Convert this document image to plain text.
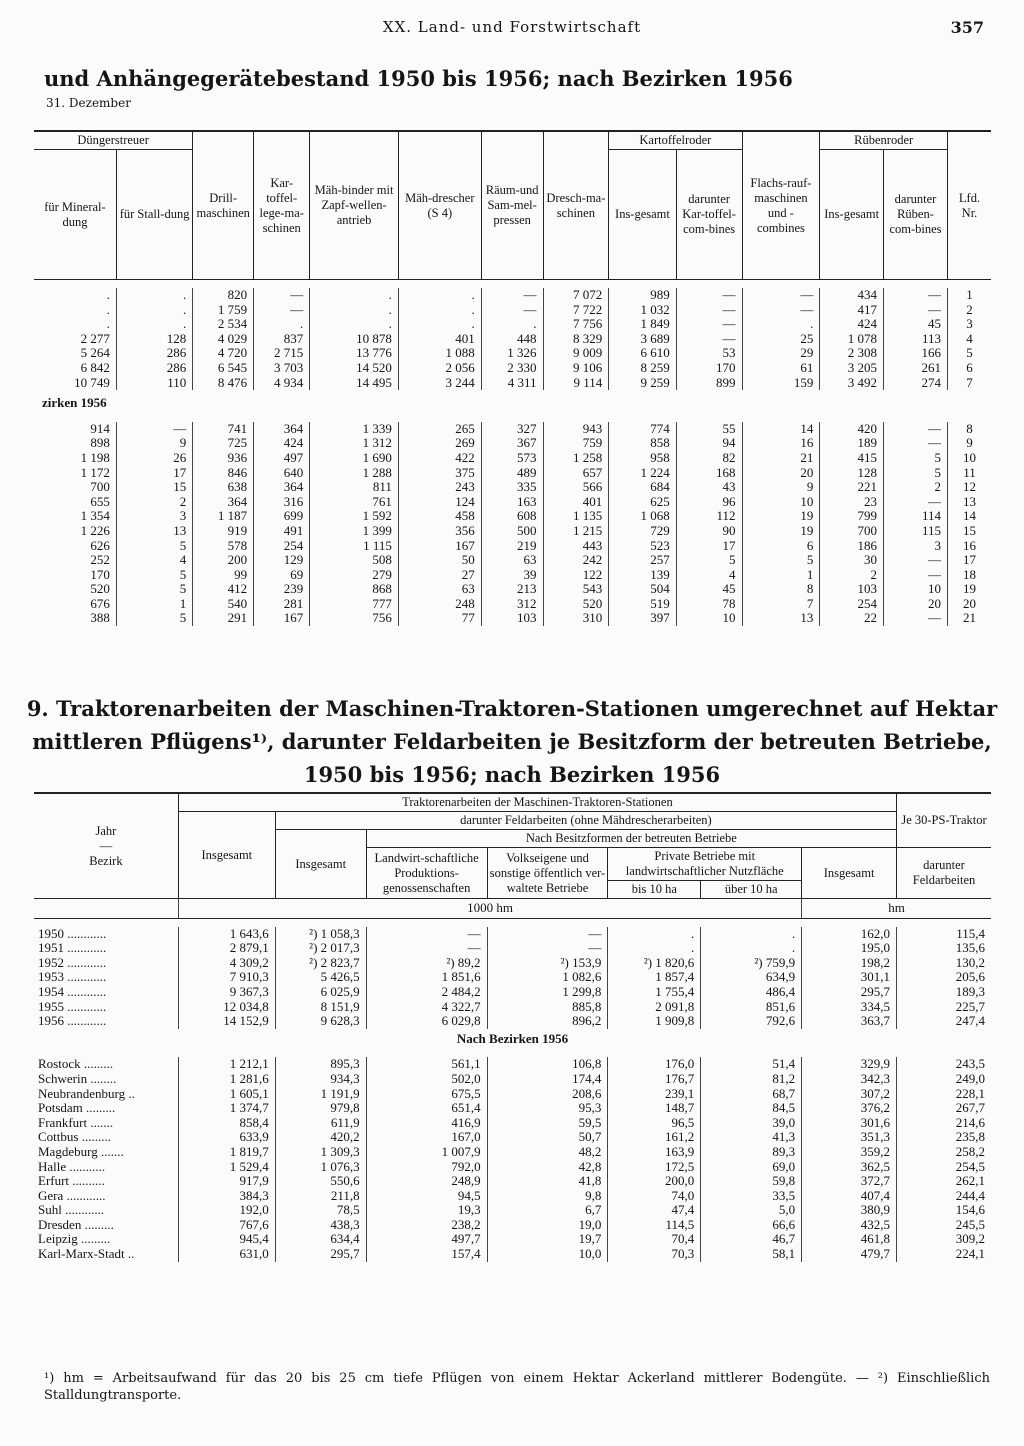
XX. Land- und Forstwirtschaft	357
und Anhängegerätebestand 1950 bis 1956; nach Bezirken 1956
31. Dezember
Düngerstreuer		Drill-maschinen	Kar-toffel-lege-ma-schinen	Mäh-binder mit Zapf-wellen-antrieb	Mäh-drescher (S 4)	Räum-und Sam-mel-pressen	Dresch-ma-schinen	Kartoffelroder		Flachs-rauf-maschinen und -combines	Rübenroder		Lfd. Nr.
für Mineral-dung	für Stall-dung							Ins-gesamt	darunter Kar-toffel-com-bines		Ins-gesamt	darunter Rüben-com-bines	

.	.	820	—	.	.	—	7 072	989	—	—	434	—	1
.	.	1 759	—	.	.	—	7 722	1 032	—	—	417	—	2
.	.	2 534	.	.	.	.	7 756	1 849	—	.	424	45	3
2 277	128	4 029	837	10 878	401	448	8 329	3 689	—	25	1 078	113	4
5 264	286	4 720	2 715	13 776	1 088	1 326	9 009	6 610	53	29	2 308	166	5
6 842	286	6 545	3 703	14 520	2 056	2 330	9 106	8 259	170	61	3 205	261	6
10 749	110	8 476	4 934	14 495	3 244	4 311	9 114	9 259	899	159	3 492	274	7
zirken 1956													

914	—	741	364	1 339	265	327	943	774	55	14	420	—	8
898	9	725	424	1 312	269	367	759	858	94	16	189	—	9
1 198	26	936	497	1 690	422	573	1 258	958	82	21	415	5	10
1 172	17	846	640	1 288	375	489	657	1 224	168	20	128	5	11
700	15	638	364	811	243	335	566	684	43	9	221	2	12
655	2	364	316	761	124	163	401	625	96	10	23	—	13
1 354	3	1 187	699	1 592	458	608	1 135	1 068	112	19	799	114	14
1 226	13	919	491	1 399	356	500	1 215	729	90	19	700	115	15
626	5	578	254	1 115	167	219	443	523	17	6	186	3	16
252	4	200	129	508	50	63	242	257	5	5	30	—	17
170	5	99	69	279	27	39	122	139	4	1	2	—	18
520	5	412	239	868	63	213	543	504	45	8	103	10	19
676	1	540	281	777	248	312	520	519	78	7	254	20	20
388	5	291	167	756	77	103	310	397	10	13	22	—	21
9. Traktorenarbeiten der Maschinen-Traktoren-Stationen umgerechnet auf Hektar
mittleren Pflügens¹⁾, darunter Feldarbeiten je Besitzform der betreuten Betriebe,
1950 bis 1956; nach Bezirken 1956
Jahr
—
Bezirk	Traktorenarbeiten der Maschinen-Traktoren-Stationen							Je 30-PS-Traktor
	Insgesamt	darunter Feldarbeiten (ohne Mähdrescherarbeiten)						
		Insgesamt	Nach Besitzformen der betreuten Betriebe					
			Landwirt-schaftliche Produktions-genossenschaften	Volkseigene und sonstige öffentlich ver-waltete Betriebe	Private Betriebe mit landwirtschaftlicher Nutzfläche		Insgesamt	darunter Feldarbeiten
					bis 10 ha	über 10 ha		
	1000 hm						hm	

1950 ............	1 643,6	²) 1 058,3	—	—	.	.	162,0	115,4
1951 ............	2 879,1	²) 2 017,3	—	—	.	.	195,0	135,6
1952 ............	4 309,2	²) 2 823,7	²) 89,2	²) 153,9	²) 1 820,6	²) 759,9	198,2	130,2
1953 ............	7 910,3	5 426,5	1 851,6	1 082,6	1 857,4	634,9	301,1	205,6
1954 ............	9 367,3	6 025,9	2 484,2	1 299,8	1 755,4	486,4	295,7	189,3
1955 ............	12 034,8	8 151,9	4 322,7	885,8	2 091,8	851,6	334,5	225,7
1956 ............	14 152,9	9 628,3	6 029,8	896,2	1 909,8	792,6	363,7	247,4
Nach Bezirken 1956								

Rostock .........	1 212,1	895,3	561,1	106,8	176,0	51,4	329,9	243,5
Schwerin ........	1 281,6	934,3	502,0	174,4	176,7	81,2	342,3	249,0
Neubrandenburg ..	1 605,1	1 191,9	675,5	208,6	239,1	68,7	307,2	228,1
Potsdam .........	1 374,7	979,8	651,4	95,3	148,7	84,5	376,2	267,7
Frankfurt .......	858,4	611,9	416,9	59,5	96,5	39,0	301,6	214,6
Cottbus .........	633,9	420,2	167,0	50,7	161,2	41,3	351,3	235,8
Magdeburg .......	1 819,7	1 309,3	1 007,9	48,2	163,9	89,3	359,2	258,2
Halle ...........	1 529,4	1 076,3	792,0	42,8	172,5	69,0	362,5	254,5
Erfurt ..........	917,9	550,6	248,9	41,8	200,0	59,8	372,7	262,1
Gera ............	384,3	211,8	94,5	9,8	74,0	33,5	407,4	244,4
Suhl ............	192,0	78,5	19,3	6,7	47,4	5,0	380,9	154,6
Dresden .........	767,6	438,3	238,2	19,0	114,5	66,6	432,5	245,5
Leipzig .........	945,4	634,4	497,7	19,7	70,4	46,7	461,8	309,2
Karl-Marx-Stadt ..	631,0	295,7	157,4	10,0	70,3	58,1	479,7	224,1
¹) hm = Arbeitsaufwand für das 20 bis 25 cm tiefe Pflügen von einem Hektar Ackerland mittlerer Bodengüte. — ²) Einschließlich Stalldungtransporte.
